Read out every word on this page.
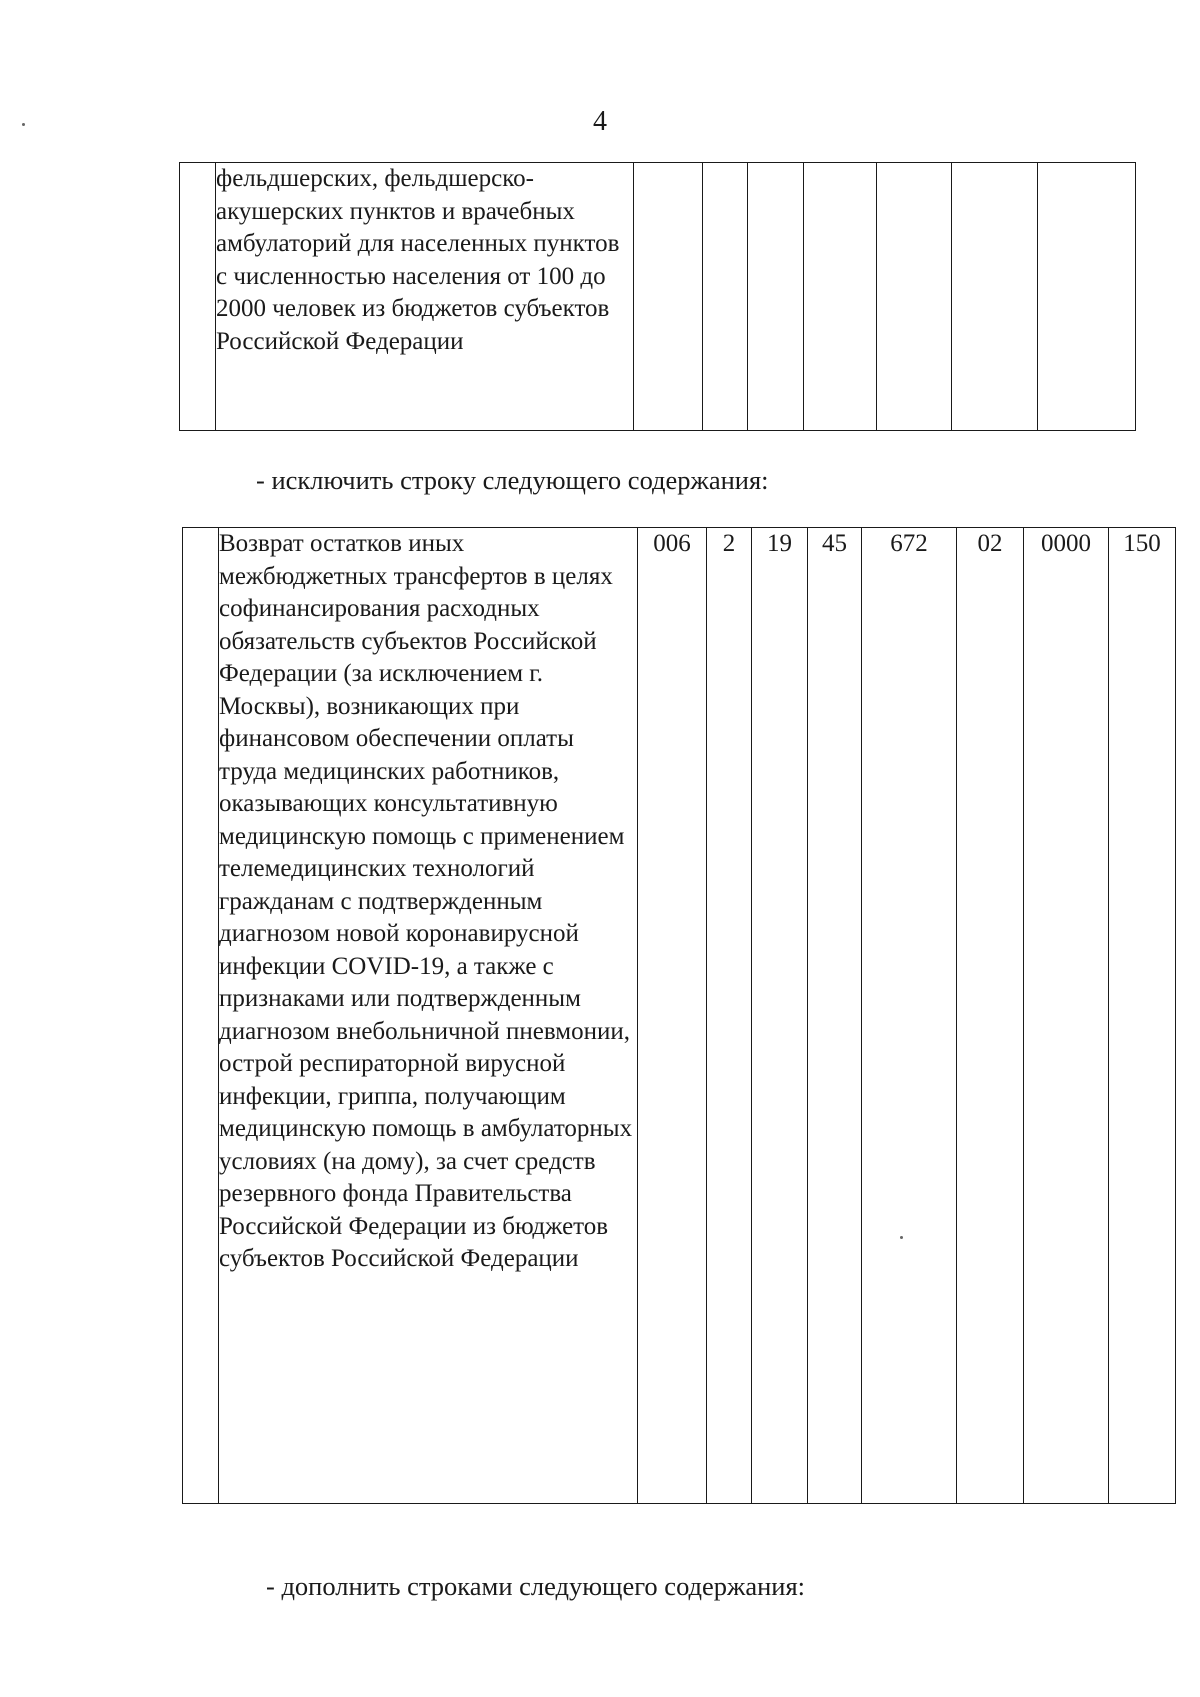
4
	фельдшерских, фельдшерско-акушерских пунктов и врачебных амбулаторий для населенных пунктов с численностью населения от 100 до 2000 человек из бюджетов субъектов Российской Федерации								
- исключить строку следующего содержания:
	Возврат остатков иных межбюджетных трансфертов в целях софинансирования расходных обязательств субъектов Российской Федерации (за исключением г. Москвы), возникающих при финансовом обеспечении оплаты труда медицинских работников, оказывающих консультативную медицинскую помощь с применением телемедицинских технологий гражданам с подтвержденным диагнозом новой коронавирусной инфекции COVID-19, а также с признаками или подтвержденным диагнозом внебольничной пневмонии, острой респираторной вирусной инфекции, гриппа, получающим медицинскую помощь в амбулаторных условиях (на дому), за счет средств резервного фонда Правительства Российской Федерации из бюджетов субъектов Российской Федерации	006	2	19	45	672	02	0000	150
- дополнить строками следующего содержания:
